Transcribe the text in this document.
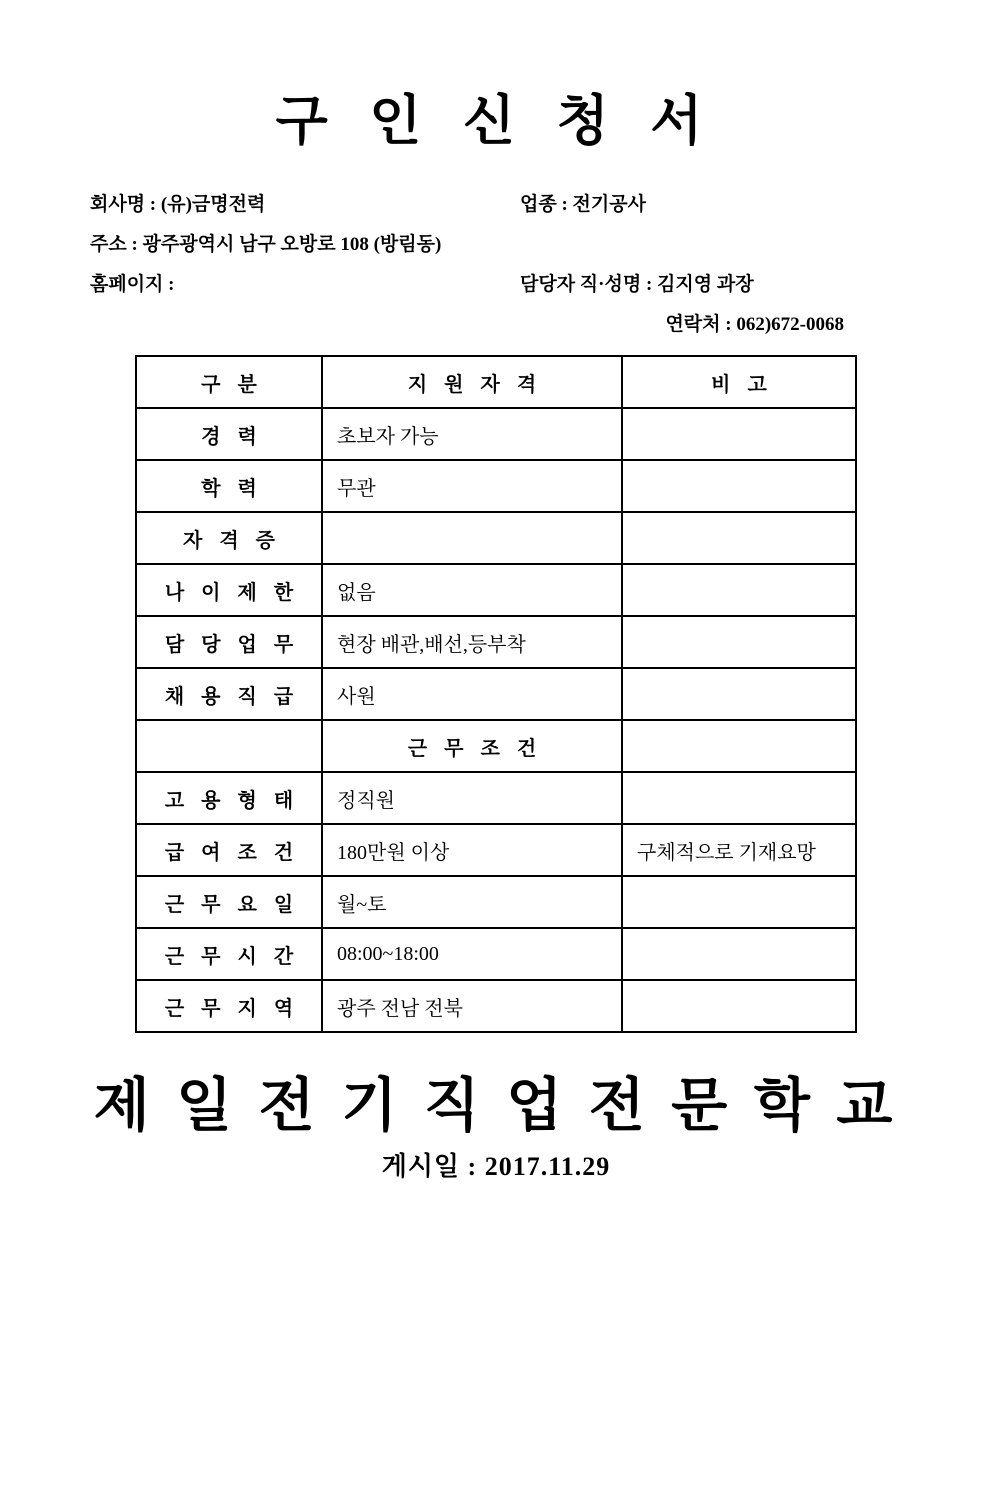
구 인 신 청 서
회사명 : (유)금명전력	업종 : 전기공사
주소 : 광주광역시 남구 오방로 108 (방림동)
홈페이지 :	담당자 직·성명 : 김지영 과장
연락처 : 062)672-0068
구 분	지 원 자 격	비 고
경 력	초보자 가능	
학 력	무관	
자 격 증		
나 이 제 한	없음	
담 당 업 무	현장 배관,배선,등부착	
채 용 직 급	사원	
	근 무 조 건	
고 용 형 태	정직원	
급 여 조 건	180만원 이상	구체적으로 기재요망
근 무 요 일	월~토	
근 무 시 간	08:00~18:00	
근 무 지 역	광주 전남 전북	
제 일 전 기 직 업 전 문 학 교
게시일 : 2017.11.29
